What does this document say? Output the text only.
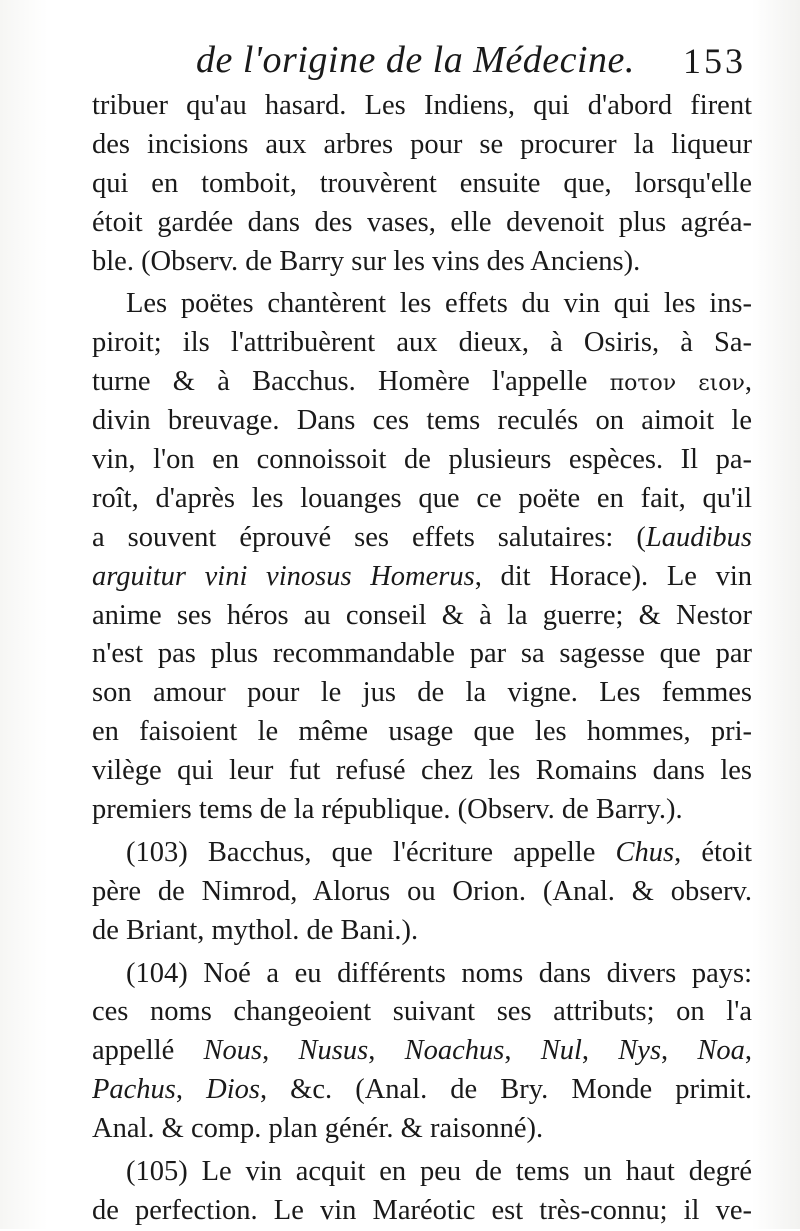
de l'origine de la Médecine. 153
tribuer qu'au hasard. Les Indiens, qui d'abord firent
des incisions aux arbres pour se procurer la liqueur
qui en tomboit, trouvèrent ensuite que, lorsqu'elle
étoit gardée dans des vases, elle devenoit plus agréa-
ble. (Observ. de Barry sur les vins des Anciens).
Les poëtes chantèrent les effets du vin qui les ins-
piroit; ils l'attribuèrent aux dieux, à Osiris, à Sa-
turne & à Bacchus. Homère l'appelle ποτον ειον,
divin breuvage. Dans ces tems reculés on aimoit le
vin, l'on en connoissoit de plusieurs espèces. Il pa-
roît, d'après les louanges que ce poëte en fait, qu'il
a souvent éprouvé ses effets salutaires: (Laudibus
arguitur vini vinosus Homerus, dit Horace). Le vin
anime ses héros au conseil & à la guerre; & Nestor
n'est pas plus recommandable par sa sagesse que par
son amour pour le jus de la vigne. Les femmes
en faisoient le même usage que les hommes, pri-
vilège qui leur fut refusé chez les Romains dans les
premiers tems de la république. (Observ. de Barry.).
(103) Bacchus, que l'écriture appelle Chus, étoit
père de Nimrod, Alorus ou Orion. (Anal. & observ.
de Briant, mythol. de Bani.).
(104) Noé a eu différents noms dans divers pays:
ces noms changeoient suivant ses attributs; on l'a
appellé Nous, Nusus, Noachus, Nul, Nys, Noa,
Pachus, Dios, &c. (Anal. de Bry. Monde primit.
Anal. & comp. plan génér. & raisonné).
(105) Le vin acquit en peu de tems un haut degré
de perfection. Le vin Maréotic est très-connu; il ve-
